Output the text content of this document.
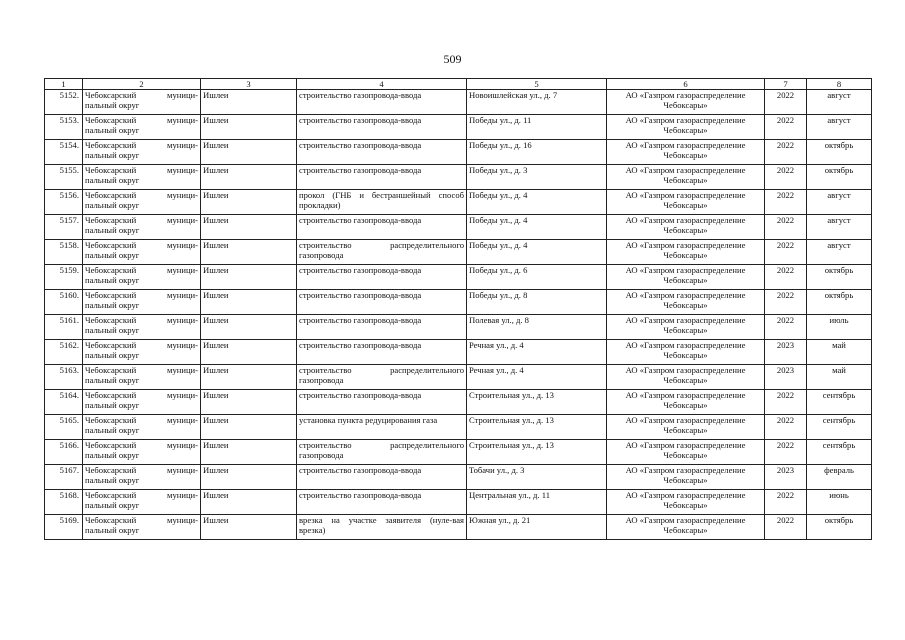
509
1	2	3	4	5	6	7	8
5152.	Чебоксарский муници-пальный округ	Ишлеи	строительство газопровода-ввода	Новоишлейская ул., д. 7	АО «Газпром газораспределение Чебоксары»	2022	август
5153.	Чебоксарский муници-пальный округ	Ишлеи	строительство газопровода-ввода	Победы ул., д. 11	АО «Газпром газораспределение Чебоксары»	2022	август
5154.	Чебоксарский муници-пальный округ	Ишлеи	строительство газопровода-ввода	Победы ул., д. 16	АО «Газпром газораспределение Чебоксары»	2022	октябрь
5155.	Чебоксарский муници-пальный округ	Ишлеи	строительство газопровода-ввода	Победы ул., д. 3	АО «Газпром газораспределение Чебоксары»	2022	октябрь
5156.	Чебоксарский муници-пальный округ	Ишлеи	прокол (ГНБ и бестраншейный способ прокладки)	Победы ул., д. 4	АО «Газпром газораспределение Чебоксары»	2022	август
5157.	Чебоксарский муници-пальный округ	Ишлеи	строительство газопровода-ввода	Победы ул., д. 4	АО «Газпром газораспределение Чебоксары»	2022	август
5158.	Чебоксарский муници-пальный округ	Ишлеи	строительство распределительного газопровода	Победы ул., д. 4	АО «Газпром газораспределение Чебоксары»	2022	август
5159.	Чебоксарский муници-пальный округ	Ишлеи	строительство газопровода-ввода	Победы ул., д. 6	АО «Газпром газораспределение Чебоксары»	2022	октябрь
5160.	Чебоксарский муници-пальный округ	Ишлеи	строительство газопровода-ввода	Победы ул., д. 8	АО «Газпром газораспределение Чебоксары»	2022	октябрь
5161.	Чебоксарский муници-пальный округ	Ишлеи	строительство газопровода-ввода	Полевая ул., д. 8	АО «Газпром газораспределение Чебоксары»	2022	июль
5162.	Чебоксарский муници-пальный округ	Ишлеи	строительство газопровода-ввода	Речная ул., д. 4	АО «Газпром газораспределение Чебоксары»	2023	май
5163.	Чебоксарский муници-пальный округ	Ишлеи	строительство распределительного газопровода	Речная ул., д. 4	АО «Газпром газораспределение Чебоксары»	2023	май
5164.	Чебоксарский муници-пальный округ	Ишлеи	строительство газопровода-ввода	Строительная ул., д. 13	АО «Газпром газораспределение Чебоксары»	2022	сентябрь
5165.	Чебоксарский муници-пальный округ	Ишлеи	установка пункта редуцирования газа	Строительная ул., д. 13	АО «Газпром газораспределение Чебоксары»	2022	сентябрь
5166.	Чебоксарский муници-пальный округ	Ишлеи	строительство распределительного газопровода	Строительная ул., д. 13	АО «Газпром газораспределение Чебоксары»	2022	сентябрь
5167.	Чебоксарский муници-пальный округ	Ишлеи	строительство газопровода-ввода	Тобачи ул., д. 3	АО «Газпром газораспределение Чебоксары»	2023	февраль
5168.	Чебоксарский муници-пальный округ	Ишлеи	строительство газопровода-ввода	Центральная ул., д. 11	АО «Газпром газораспределение Чебоксары»	2022	июнь
5169.	Чебоксарский муници-пальный округ	Ишлеи	врезка на участке заявителя (нуле-вая врезка)	Южная ул., д. 21	АО «Газпром газораспределение Чебоксары»	2022	октябрь
